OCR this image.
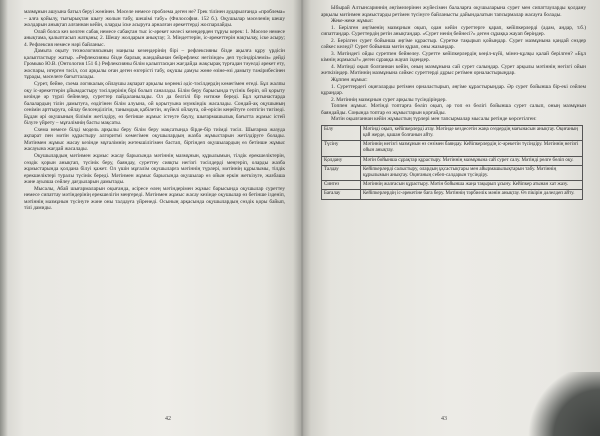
мазмұнын ашуына батыл беруі жөнінен. Мәселе немесе проблема деген не? Грек тілінен аударылғанда «проблема» – алға қойылу, тығырықтан шығу жолын табу, шешімі табу» (Философия. 152 б.). Оқушылар мәселенің шешу жолдарын анықтап алғаннан кейін, оларды іске асыруға арналған әрекеттерді жоспарлайды.

Олай болса кез келген сабақ немесе сабақтан тыс іс-әрекет келесі кезеңдерден тұруы керек: 1. Мәселе немесе анықтама, қалыптасып жатқаны; 2. Шешу жолдарын анықтау; 3. Міндеттерін, іс-әрекеттерін нақтылау, іске асыру; 4. Рефлексия немесе нәрі байланыс.

Дамыта оқыту технологиясының маңызы кезеңдерінің бірі – рефлексияны бізде ақылға құру үрдісін қалыптастыру жатыр. «Рефлексияны бізде барлық жандайынан бейрефлекс негізінде» деп түсіндірілеміз» дейді Громыко Ю.В. (Онтология 151 б.) Рефлексияны білім қалыптасқан жағдайда жақсырақ түрғадан тәуелді әрекет ету, жоспары, игерген тәсіл, сол арқылы оған деген өзгерісті табу, оқушы дамуы жөне өзіне-өзі дамыту тәжірибесінен тұрады, мәселеге бағытталады.

Сурет, бейне, схема логикалық ойлаушы ақпарат арқылы көрнекі әдіс-тәсілдердің көмегімен өтеді. Бұл жалпы оқу іс-әрекеттерін ұйымдастыру тәсілдерінің бірі болып саналады. Білім беру барысында түсінік беріп, ой қорыту кезінде әр түрлі бейнелер, суреттер пайдаланылады. Ол да белгілі бір нәтиже береді. Бұл қатынастарда балалардың тілін дамытуға, өздігінен білім алуына, ой қорытуына мүмкіндік жасалады. Сондай-ақ оқушының сенімін арттыруға, ойлау белсенділігін, танымдық қабілетін, жүйелі ойлауға, ой-өрісін кеңейтуге септігін тигізеді. Бұдан әрі оқушының білімін жетілдіру, өз бетінше жұмыс істеуге баулу, шығармашылық бағытта жұмыс істей білуге үйрету – мұғалімнің басты мақсаты.

Схема немесе білді модель арқылы беру білім беру мақсатында бірде-бір тиімді тәсіл. Шығарма жазуда ақпарат пен мәтін құрастыру алгоритмі көмегімен оқушылардың жазба жұмыстарын жетілдіруге болады. Мәтінмен жұмыс жасау кезінде мұғалімнің жетекшілігімен бастап, біртіндеп оқушылардың өз бетінше жұмыс жасауына жағдай жасалады.

Оқушылардың мәтінмен жұмыс жасау барысында мәтіннің мазмұнын, құрылымын, тілдік ерекшеліктерін, сөздік қорын анықтап, түсінік беру, баяндау, суреттеу сияқты негізгі тәсілдерді меңгеріп, оларды жазба жұмыстарында қолдана білуі қажет. Ол үшін мұғалім оқушыларға мәтіннің түрлері, мәтіннің құрылымы, тілдік ерекшеліктері туралы түсінік береді. Мәтінмен жұмыс барысында оқушылар өз ойын еркін жеткізуге, жазбаша және ауызша сөйлеу дағдыларын дамытады.

Мысалы, Абай шығармаларын оқығанда, әсіресе өлең мәтіндерімен жұмыс барысында оқушылар суреттеу немесе сипаттау мәтіндерінің ерекшелігін меңгереді. Мәтінмен жұмыс жасау кезінде оқушылар өз бетінше ізденіп, мәтіннің мазмұнын түсінуге және оны талдауға үйренеді. Осының арқасында оқушылардың сөздік қоры байып, тілі дамиды.

42

Ыбырай Алтынсариннің әңгімелерінен жүйесімен балаларға оқушыларына сурет мен сипаттауларды қолдану арқылы мәтінмен жұмыстарды ретімен түсінуге байланысты дайындалатын тапсырмалар жасауға болады.

Жеке-жеке жұмыс:

1. Берілген әңгіменің мазмұнын оқып, одан кейін суреттерге қарап, кейіпкерлерді (адам, аңдар, т.б.) сипаттаңдар. Суреттердің ретін анықтаңдар. «Сурет ненің бейнесі?» деген сұраққа жауап беріңдер.

2. Берілген сурет бойынша әңгіме құрастыр. Суретке тақырып қойыңдар. Сурет мазмұнына қандай сөздер сәйкес келеді? Сурет бойынша мәтін құрап, оны жазыңдар.

3. Мәтіндегі ойды суретпен бейнелеу. Суретте кейіпкерлердің көңіл-күйі, мінез-құлқы қалай берілген? «Бұл кімнің жұмысы?» деген сұраққа жауап іздеңдер.

4. Мәтінді оқып болғаннан кейін, оның мазмұнына сай сурет салыңдар. Сурет арқылы мәтіннің негізгі ойын жеткізіңдер. Мәтіннің мазмұнына сәйкес суреттерді дұрыс ретімен орналастырыңдар.

Жұппен жұмыс:

1. Суреттердегі оқиғаларды ретімен орналастырып, әңгіме құрастырыңдар. Әр сурет бойынша бір-екі сөйлем құраңдар.

2. Мәтіннің мазмұнын сурет арқылы түсіндіріңдер.

Топпен жұмыс. Мәтінді топтарға бөліп оқып, әр топ өз бөлігі бойынша сурет салып, оның мазмұнын баяндайды. Соңында топтар өз жұмыстарын қорғайды.

Мәтін оқылғаннан кейін жұмыстың түрлері мен тапсырмалар мысалы ретінде көрсетілген:
Білу	Мәтінді оқып, кейіпкерлерді атау. Мәтінде кездесетін жаңа сөздердің мағынасын анықтау. Оқиғаның қай жерде, қашан болғанын айту.
Түсіну	Мәтіннің негізгі мазмұнын өз сөзімен баяндау. Кейіпкерлердің іс-әрекетін түсіндіру. Мәтіннің негізгі ойын анықтау.
Қолдану	Мәтін бойынша сұрақтар құрастыру. Мәтіннің мазмұнына сай сурет салу. Мәтінді рөлге бөліп оқу.
Талдау	Кейіпкерлерді салыстыру, олардың ұқсастықтары мен айырмашылықтарын табу. Мәтіннің құрылымын анықтау. Оқиғаның себеп-салдарын түсіндіру.
Синтез	Мәтіннің жалғасын құрастыру. Мәтін бойынша жаңа тақырып ұсыну. Кейіпкер атынан хат жазу.
Бағалау	Кейіпкерлердің іс-әрекетіне баға беру. Мәтіннің тәрбиелік мәнін анықтау. Өз пікірін дәлелдеп айту.
43
